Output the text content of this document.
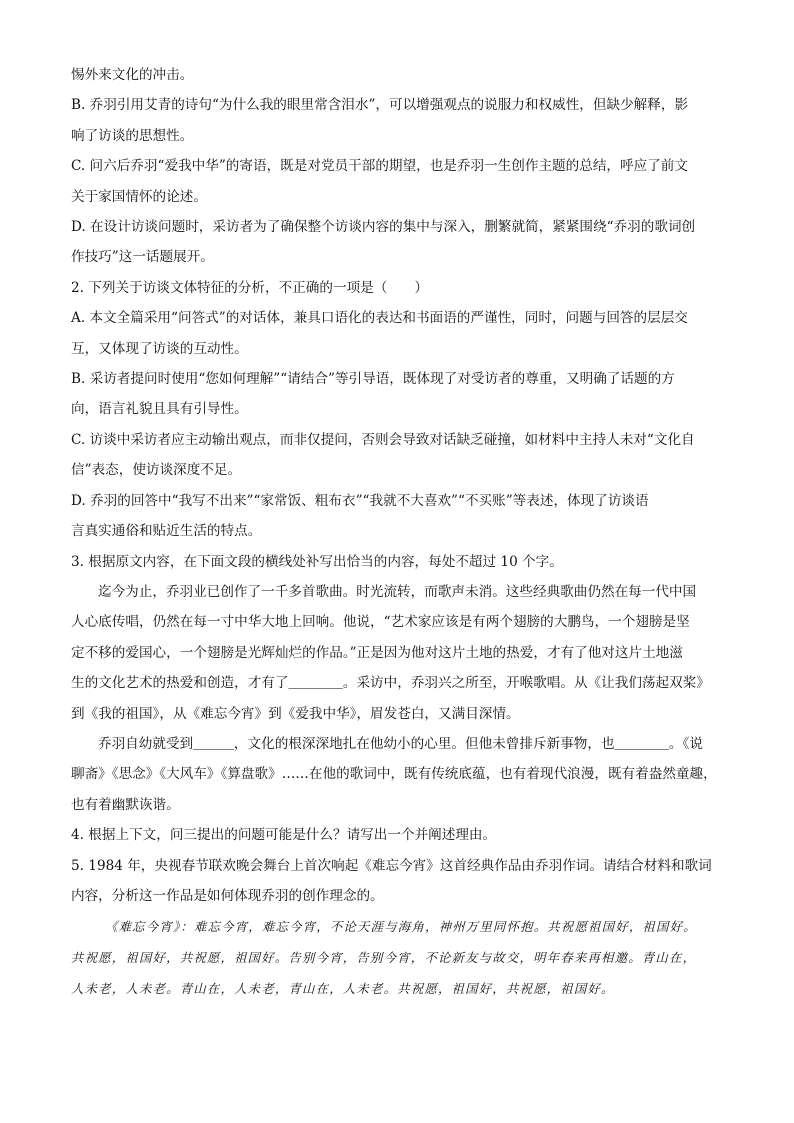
惕外来文化的冲击。
B. 乔羽引用艾青的诗句“为什么我的眼里常含泪水”，可以增强观点的说服力和权威性，但缺少解释，影
响了访谈的思想性。
C. 问六后乔羽“爱我中华”的寄语，既是对党员干部的期望，也是乔羽一生创作主题的总结，呼应了前文
关于家国情怀的论述。
D. 在设计访谈问题时，采访者为了确保整个访谈内容的集中与深入，删繁就简，紧紧围绕“乔羽的歌词创
作技巧”这一话题展开。
2. 下列关于访谈文体特征的分析，不正确的一项是（　　）
A. 本文全篇采用“问答式”的对话体，兼具口语化的表达和书面语的严谨性，同时，问题与回答的层层交
互，又体现了访谈的互动性。
B. 采访者提问时使用“您如何理解”“请结合”等引导语，既体现了对受访者的尊重，又明确了话题的方
向，语言礼貌且具有引导性。
C. 访谈中采访者应主动输出观点，而非仅提问，否则会导致对话缺乏碰撞，如材料中主持人未对“文化自
信”表态，使访谈深度不足。
D. 乔羽的回答中“我写不出来”“家常饭、粗布衣”“我就不大喜欢”“不买账”等表述，体现了访谈语
言真实通俗和贴近生活的特点。
3. 根据原文内容，在下面文段的横线处补写出恰当的内容，每处不超过 10 个字。
迄今为止，乔羽业已创作了一千多首歌曲。时光流转，而歌声未消。这些经典歌曲仍然在每一代中国
人心底传唱，仍然在每一寸中华大地上回响。他说，“艺术家应该是有两个翅膀的大鹏鸟，一个翅膀是坚
定不移的爱国心，一个翅膀是光辉灿烂的作品。”正是因为他对这片土地的热爱，才有了他对这片土地滋
生的文化艺术的热爱和创造，才有了＿＿＿＿。采访中，乔羽兴之所至，开喉歌唱。从《让我们荡起双桨》
到《我的祖国》，从《难忘今宵》到《爱我中华》，眉发苍白，又满目深情。
乔羽自幼就受到＿＿＿，文化的根深深地扎在他幼小的心里。但他未曾排斥新事物，也＿＿＿＿。《说
聊斋》《思念》《大风车》《算盘歌》……在他的歌词中，既有传统底蕴，也有着现代浪漫，既有着盎然童趣，
也有着幽默诙谐。
4. 根据上下文，问三提出的问题可能是什么？请写出一个并阐述理由。
5. 1984 年，央视春节联欢晚会舞台上首次响起《难忘今宵》这首经典作品由乔羽作词。请结合材料和歌词
内容，分析这一作品是如何体现乔羽的创作理念的。
《难忘今宵》：难忘今宵，难忘今宵，不论天涯与海角，神州万里同怀抱。共祝愿祖国好，祖国好。
共祝愿，祖国好，共祝愿，祖国好。告别今宵，告别今宵，不论新友与故交，明年春来再相邀。青山在，
人未老，人未老。青山在，人未老，青山在，人未老。共祝愿，祖国好，共祝愿，祖国好。
